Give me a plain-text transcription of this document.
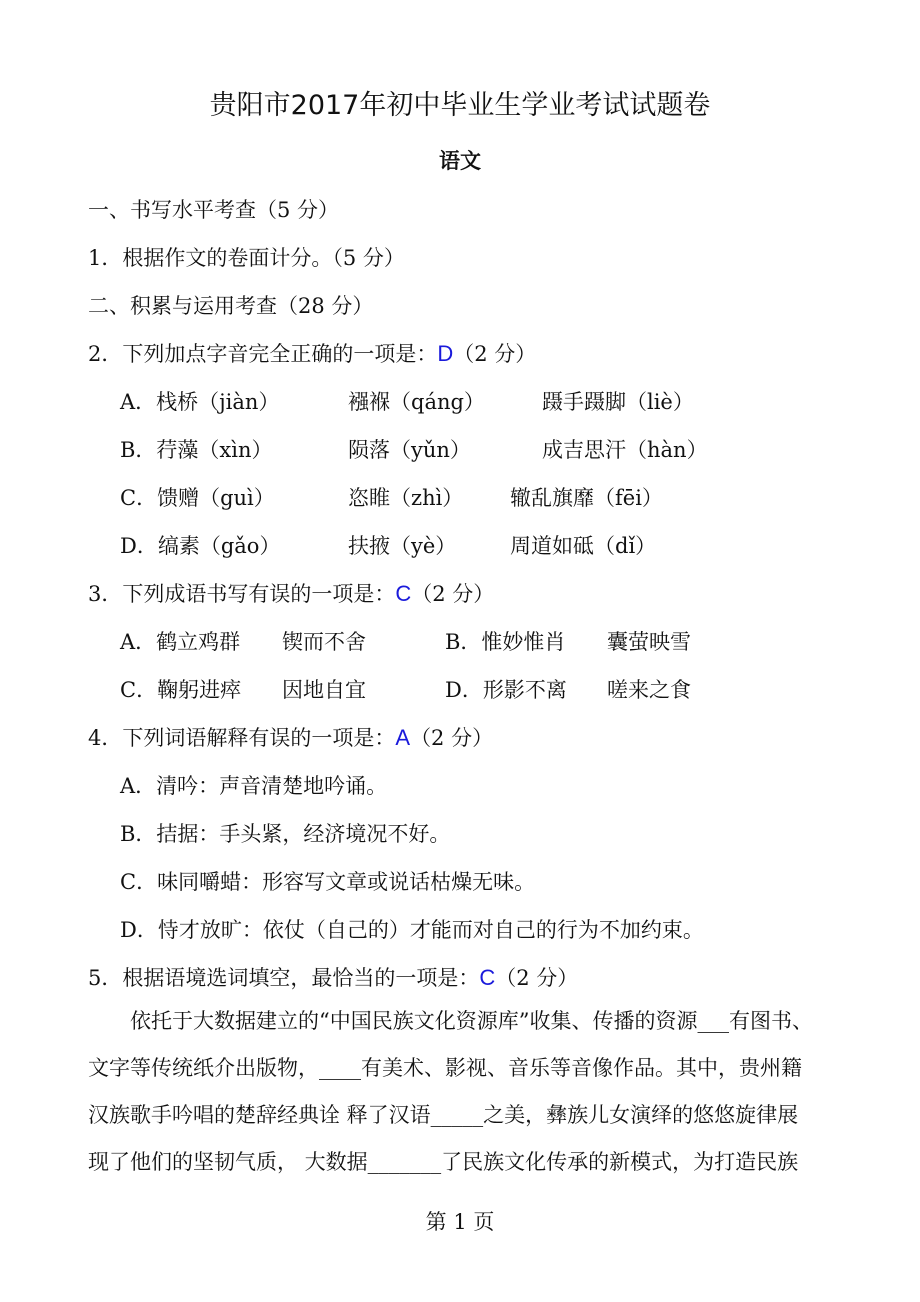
贵阳市2017年初中毕业生学业考试试题卷
语文
一、书写水平考查（5 分）
1．根据作文的卷面计分。（5 分）
二、积累与运用考查（28 分）
2．下列加点字音完全正确的一项是：D（2 分）
A．栈桥（jiàn）	襁褓（qáng）	蹑手蹑脚（liè）
B．荇藻（xìn）	陨落（yǔn）	成吉思汗（hàn）
C．馈赠（guì）	恣睢（zhì） 辙乱旗靡（fēi）
D．缟素（gǎo）	扶掖（yè）	周道如砥（dǐ）
3．下列成语书写有误的一项是：C（2 分）
A．鹤立鸡群 锲而不舍	B．惟妙惟肖 囊萤映雪
C．鞠躬进瘁 因地自宜	D．形影不离 嗟来之食
4．下列词语解释有误的一项是：A（2 分）
A．清吟：声音清楚地吟诵。
B．拮据：手头紧，经济境况不好。
C．味同嚼蜡：形容写文章或说话枯燥无味。
D．恃才放旷：依仗（自己的）才能而对自己的行为不加约束。
5．根据语境选词填空，最恰当的一项是：C（2 分）
依托于大数据建立的“中国民族文化资源库”收集、传播的资源___有图书、
文字等传统纸介出版物，____有美术、影视、音乐等音像作品。其中，贵州籍
汉族歌手吟唱的楚辞经典诠 释了汉语_____之美，彝族儿女演绎的悠悠旋律展
现了他们的坚韧气质， 大数据_______了民族文化传承的新模式，为打造民族
第 1 页
